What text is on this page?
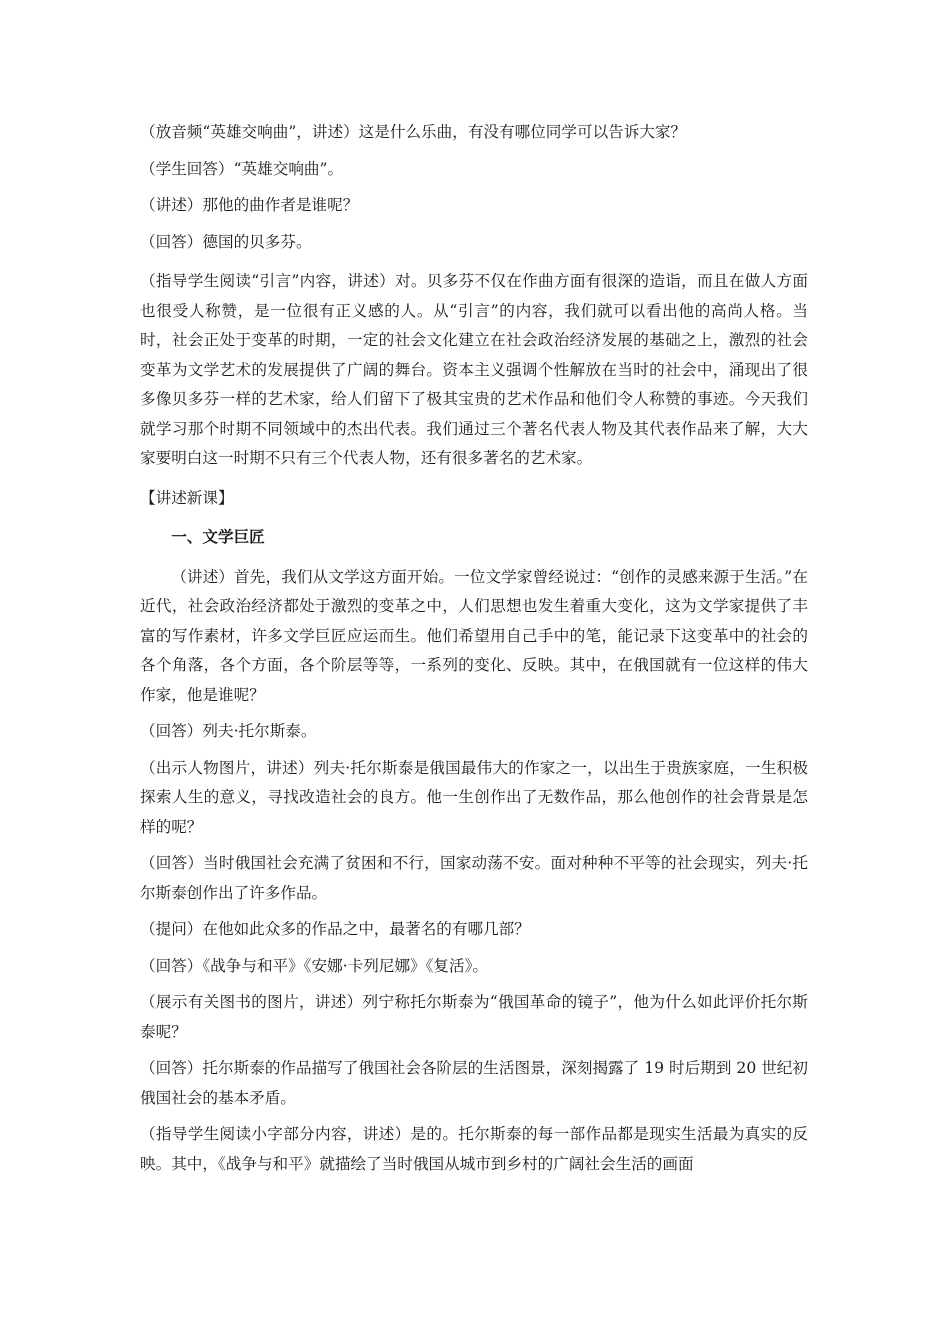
（放音频“英雄交响曲”，讲述）这是什么乐曲，有没有哪位同学可以告诉大家？

（学生回答）“英雄交响曲”。

（讲述）那他的曲作者是谁呢？

（回答）德国的贝多芬。

（指导学生阅读“引言”内容，讲述）对。贝多芬不仅在作曲方面有很深的造诣，而且在做人方面也很受人称赞，是一位很有正义感的人。从“引言”的内容，我们就可以看出他的高尚人格。当时，社会正处于变革的时期，一定的社会文化建立在社会政治经济发展的基础之上，激烈的社会变革为文学艺术的发展提供了广阔的舞台。资本主义强调个性解放在当时的社会中，涌现出了很多像贝多芬一样的艺术家，给人们留下了极其宝贵的艺术作品和他们令人称赞的事迹。今天我们就学习那个时期不同领域中的杰出代表。我们通过三个著名代表人物及其代表作品来了解，大大家要明白这一时期不只有三个代表人物，还有很多著名的艺术家。

【讲述新课】

一、文学巨匠

（讲述）首先，我们从文学这方面开始。一位文学家曾经说过：“创作的灵感来源于生活。”在近代，社会政治经济都处于激烈的变革之中，人们思想也发生着重大变化，这为文学家提供了丰富的写作素材，许多文学巨匠应运而生。他们希望用自己手中的笔，能记录下这变革中的社会的各个角落，各个方面，各个阶层等等，一系列的变化、反映。其中，在俄国就有一位这样的伟大作家，他是谁呢？

（回答）列夫·托尔斯泰。

（出示人物图片，讲述）列夫·托尔斯泰是俄国最伟大的作家之一，以出生于贵族家庭，一生积极探索人生的意义，寻找改造社会的良方。他一生创作出了无数作品，那么他创作的社会背景是怎样的呢？

（回答）当时俄国社会充满了贫困和不行，国家动荡不安。面对种种不平等的社会现实，列夫·托尔斯泰创作出了许多作品。

（提问）在他如此众多的作品之中，最著名的有哪几部？

（回答）《战争与和平》《安娜·卡列尼娜》《复活》。

（展示有关图书的图片，讲述）列宁称托尔斯泰为“俄国革命的镜子”，他为什么如此评价托尔斯泰呢？

（回答）托尔斯泰的作品描写了俄国社会各阶层的生活图景，深刻揭露了 19 时后期到 20 世纪初俄国社会的基本矛盾。

（指导学生阅读小字部分内容，讲述）是的。托尔斯泰的每一部作品都是现实生活最为真实的反映。其中，《战争与和平》就描绘了当时俄国从城市到乡村的广阔社会生活的画面
